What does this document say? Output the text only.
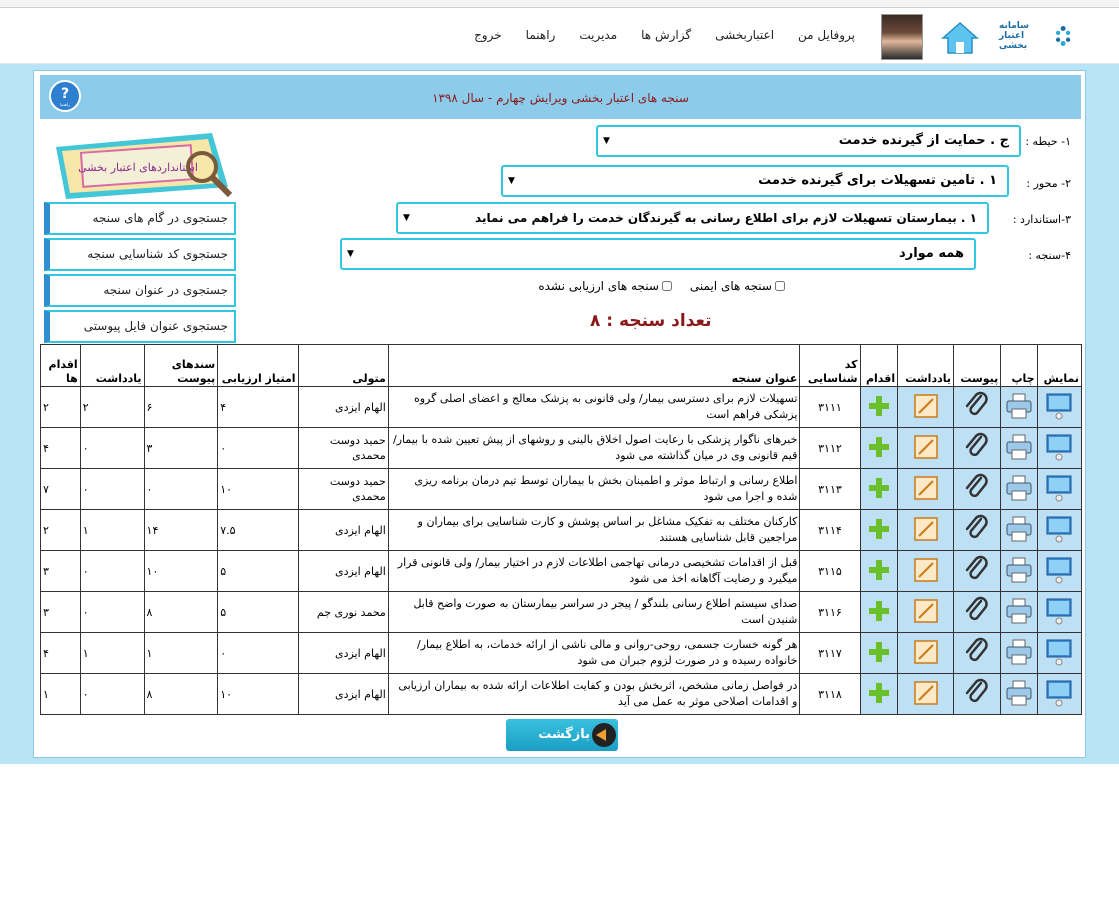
سامانه اعتبار بخشی
پروفایل من
اعتباربخشی
گزارش ها
مدیریت
راهنما
خروج
?
راهنما	سنجه های اعتبار بخشی ویرایش چهارم - سال ۱۳۹۸
استانداردهای اعتبار بخشی
۱- حیطه :
ج . حمایت از گیرنده خدمت
▼
۲- محور :
۱ . تامین تسهیلات برای گیرنده خدمت
▼
۳-استاندارد :
۱ . بیمارستان تسهیلات لازم برای اطلاع رسانی به گیرندگان خدمت را فراهم می نماید
▼
۴-سنجه :
همه موارد
▼
سنجه های ایمنی
سنجه های ارزیابی نشده
جستجوی در گام های سنجه
جستجوی کد شناسایی سنجه
جستجوی در عنوان سنجه
جستجوی عنوان فایل پیوستی	تعداد سنجه : ۸
نمایش	چاپ	پیوست	یادداشت	اقدام	کد شناسایی	عنوان سنجه	متولی	امتیاز ارزیابی	سندهای پیوست	یادداشت	اقدام ها
					۳۱۱۱	تسهیلات لازم برای دسترسی بیمار/ ولی قانونی به پزشک معالج و اعضای اصلی گروه پزشکی فراهم است	الهام ایزدی	۴	۶	۲	۲
					۳۱۱۲	خبرهای ناگوار پزشکی با رعایت اصول اخلاق بالینی و روشهای از پیش تعیین شده با بیمار/ قیم قانونی وی در میان گذاشته می شود	حمید دوست محمدی	۰	۳	۰	۴
					۳۱۱۳	اطلاع رسانی و ارتباط موثر و اطمینان بخش با بیماران توسط تیم درمان برنامه ریزی شده و اجرا می شود	حمید دوست محمدی	۱۰	۰	۰	۷
					۳۱۱۴	کارکنان مختلف به تفکیک مشاغل بر اساس پوشش و کارت شناسایی برای بیماران و مراجعین قابل شناسایی هستند	الهام ایزدی	۷.۵	۱۴	۱	۲
					۳۱۱۵	قبل از اقدامات تشخیصی درمانی تهاجمی اطلاعات لازم در اختیار بیمار/ ولی قانونی قرار میگیرد و رضایت آگاهانه اخذ می شود	الهام ایزدی	۵	۱۰	۰	۳
					۳۱۱۶	صدای سیستم اطلاع رسانی بلندگو / پیجر در سراسر بیمارستان به صورت واضح قابل شنیدن است	محمد نوری جم	۵	۸	۰	۳
					۳۱۱۷	هر گونه خسارت جسمی، روحی-روانی و مالی ناشی از ارائه خدمات، به اطلاع بیمار/خانواده رسیده و در صورت لزوم جبران می شود	الهام ایزدی	۰	۱	۱	۴
					۳۱۱۸	در فواصل زمانی مشخص، اثربخش بودن و کفایت اطلاعات ارائه شده به بیماران ارزیابی و اقدامات اصلاحی موثر به عمل می آید	الهام ایزدی	۱۰	۸	۰	۱
بازگشت
